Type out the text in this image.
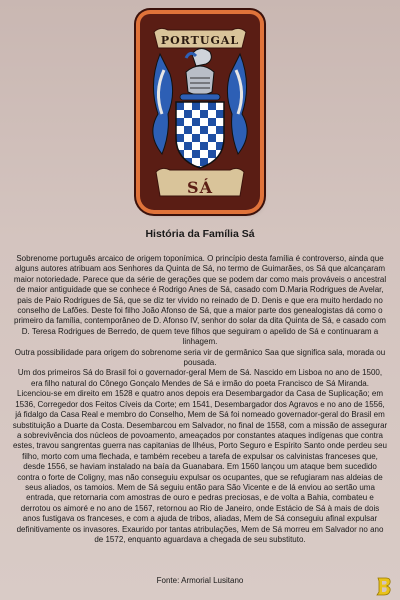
PORTUGAL
SÁ
História da Família Sá

Sobrenome português arcaico de origem toponímica. O princípio desta família é controverso, ainda que alguns autores atribuam aos Senhores da Quinta de Sá, no termo de Guimarães, os Sá que alcançaram maior notoriedade. Parece que da série de gerações que se podem dar como mais prováveis o ancestral de maior antiguidade que se conhece é Rodrigo Anes de Sá, casado com D.Maria Rodrigues de Avelar, pais de Paio Rodrigues de Sá, que se diz ter vivido no reinado de D. Denis e que era muito herdado no conselho de Lafões. Deste foi filho João Afonso de Sá, que a maior parte dos genealogistas dá como o primeiro da família, contemporâneo de D. Afonso IV, senhor do solar da dita Quinta de Sá, e casado com D. Teresa Rodrigues de Berredo, de quem teve filhos que seguiram o apelido de Sá e continuaram a linhagem.

Outra possibilidade para origem do sobrenome seria vir de germânico Saa que significa sala, morada ou pousada.

Um dos primeiros Sá do Brasil foi o governador-geral Mem de Sá. Nascido em Lisboa no ano de 1500, era filho natural do Cônego Gonçalo Mendes de Sá e irmão do poeta Francisco de Sá Miranda. Licenciou-se em direito em 1528 e quatro anos depois era Desembargador da Casa de Suplicação; em 1536, Corregedor dos Feitos Cíveis da Corte; em 1541, Desembargador dos Agravos e no ano de 1556, já fidalgo da Casa Real e membro do Conselho, Mem de Sá foi nomeado governador-geral do Brasil em substituição a Duarte da Costa. Desembarcou em Salvador, no final de 1558, com a missão de assegurar a sobrevivência dos núcleos de povoamento, ameaçados por constantes ataques indígenas que contra estes, travou sangrentas guerra nas capitanias de Ilhéus, Porto Seguro e Espírito Santo onde perdeu seu filho, morto com uma flechada, e também recebeu a tarefa de expulsar os calvinistas franceses que, desde 1556, se haviam instalado na baía da Guanabara. Em 1560 lançou um ataque bem sucedido contra o forte de Coligny, mas não conseguiu expulsar os ocupantes, que se refugiaram nas aldeias de seus aliados, os tamoios. Mem de Sá seguiu então para São Vicente e de lá enviou ao sertão uma entrada, que retornaria com amostras de ouro e pedras preciosas, e de volta a Bahia, combateu e derrotou os aimoré e no ano de 1567, retornou ao Rio de Janeiro, onde Estácio de Sá à mais de dois anos fustigava os franceses, e com a ajuda de tribos, aliadas, Mem de Sá conseguiu afinal expulsar definitivamente os invasores. Exaurido por tantas atribulações, Mem de Sá morreu em Salvador no ano de 1572, enquanto aguardava a chegada de seu substituto.

Fonte: Armorial Lusitano
